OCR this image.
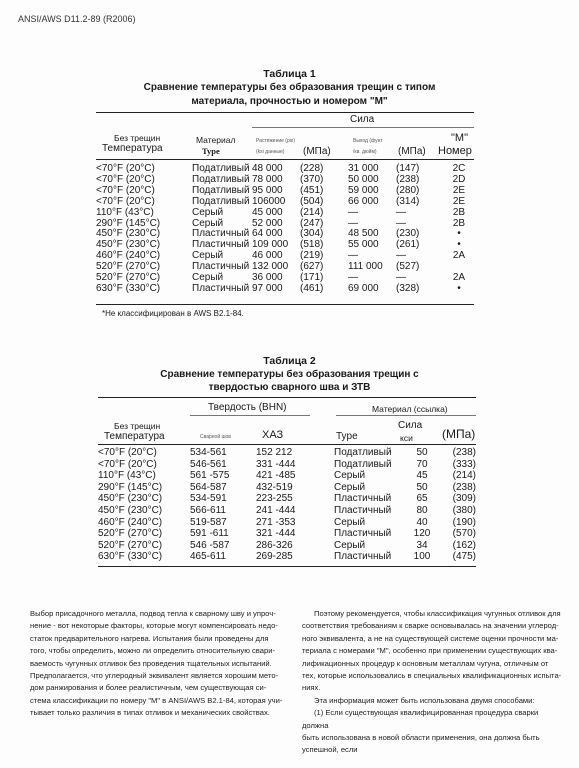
ANSI/AWS D11.2-89 (R2006)
Таблица 1
Сравнение температуры без образования трещин с типом
материала, прочностью и номером "M"
Сила
Без трещин
Температура
Материал
Type
Растяжение (psi)
(ksi данные) (МПа)
Выход (фунт
/кв. дюйм) (МПа)
"M"
Номер
<70°F (20°C)	Податливый	48 000	(228)	31 000	(147)	2C
<70°F (20°C)	Податливый	78 000	(370)	50 000	(238)	2D
<70°F (20°C)	Податливый	95 000	(451)	59 000	(280)	2E
<70°F (20°C)	Податливый	106000	(504)	66 000	(314)	2E
110°F (43°C)	Серый	45 000	(214)	—	—	2B
290°F (145°C)	Серый	52 000	(247)	—	—	2B
450°F (230°C)	Пластичный	64 000	(304)	48 500	(230)	•
450°F (230°C)	Пластичный	109 000	(518)	55 000	(261)	•
460°F (240°C)	Серый	46 000	(219)	—	—	2A
520°F (270°C)	Пластичный	132 000	(627)	111 000	(527)	
520°F (270°C)	Серый	36 000	(171)	—	—	2A
630°F (330°C)	Пластичный	97 000	(461)	69 000	(328)	•
*Не классифицирован в AWS B2.1-84.
Таблица 2
Сравнение температуры без образования трещин с
твердостью сварного шва и ЗТВ
Твердость (BHN)	Материал (ссылка)
Без трещин
Температура	Сварной шов	ХАЗ	Type
Сила
кси (МПа)
<70°F (20°C)	534-561	152 212	Податливый	50	(238)
<70°F (20°C)	546-561	331 -444	Податливый	70	(333)
110°F (43°C)	561 -575	421 -485	Серый	45	(214)
290°F (145°C)	564-587	432-519	Серый	50	(238)
450°F (230°C)	534-591	223-255	Пластичный	65	(309)
450°F (230°C)	566-611	241 -444	Пластичный	80	(380)
460°F (240°C)	519-587	271 -353	Серый	40	(190)
520°F (270°C)	591 -611	321 -444	Пластичный	120	(570)
520°F (270°C)	546 -587	286-326	Серый	34	(162)
630°F (330°C)	465-611	269-285	Пластичный	100	(475)

Выбор присадочного металла, подвод тепла к сварному шву и упроч-

нение - вот некоторые факторы, которые могут компенсировать недо-

статок предварительного нагрева. Испытания были проведены для

того, чтобы определить, можно ли определить относительную свари-

ваемость чугунных отливок без проведения тщательных испытаний.

Предполагается, что углеродный эквивалент является хорошим мето-

дом ранжирования и более реалистичным, чем существующая си-

стема классификации по номеру "M" в ANSI/AWS B2.1-84, которая учи-

тывает только различия в типах отливок и механических свойствах.

Поэтому рекомендуется, чтобы классификация чугунных отливок для

соответствия требованиям к сварке основывалась на значении углерод-

ного эквивалента, а не на существующей системе оценки прочности ма-

териала с номерами "M", особенно при применении существующих ква-

лификационных процедур к основным металлам чугуна, отличным от

тех, которые использовались в специальных квалификационных испыта-

ниях.

Эта информация может быть использована двумя способами:

(1) Если существующая квалифицированная процедура сварки должна

быть использована в новой области применения, она должна быть успешной, если
